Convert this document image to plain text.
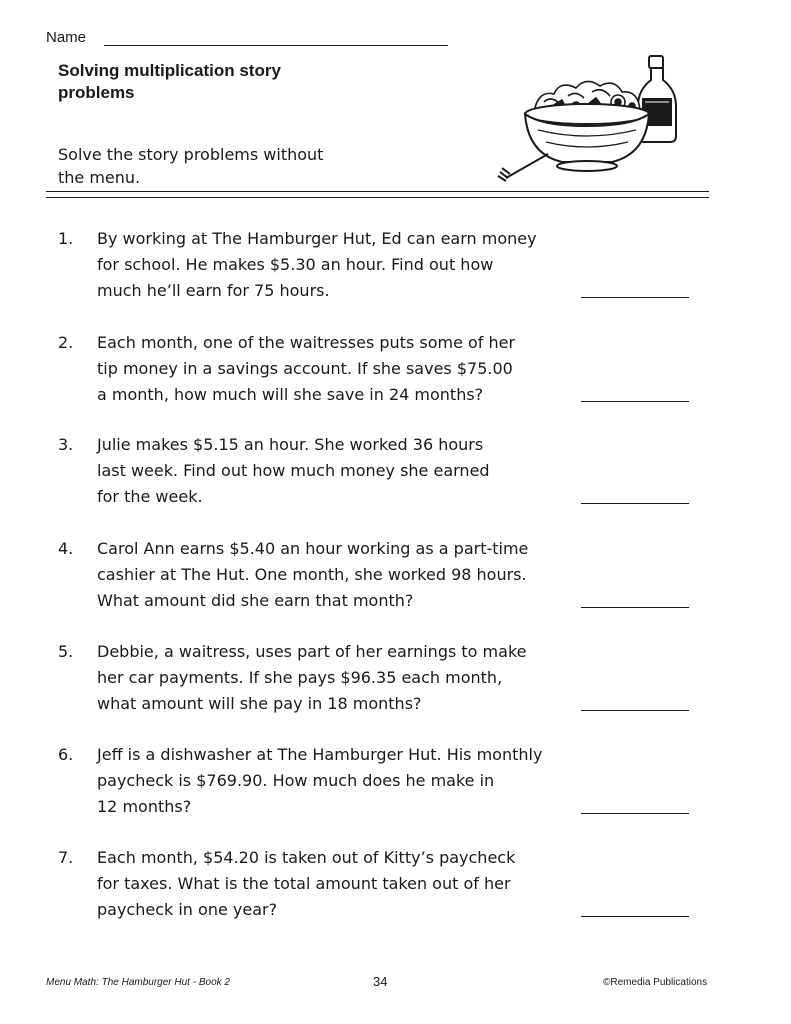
Name
Solving multiplication story
problems
Solve the story problems without
the menu.
1. By working at The Hamburger Hut, Ed can earn money
for school. He makes $5.30 an hour. Find out how
much he’ll earn for 75 hours.
2. Each month, one of the waitresses puts some of her
tip money in a savings account. If she saves $75.00
a month, how much will she save in 24 months?
3. Julie makes $5.15 an hour. She worked 36 hours
last week. Find out how much money she earned
for the week.
4. Carol Ann earns $5.40 an hour working as a part-time
cashier at The Hut. One month, she worked 98 hours.
What amount did she earn that month?
5. Debbie, a waitress, uses part of her earnings to make
her car payments. If she pays $96.35 each month,
what amount will she pay in 18 months?
6. Jeff is a dishwasher at The Hamburger Hut. His monthly
paycheck is $769.90. How much does he make in
12 months?
7. Each month, $54.20 is taken out of Kitty’s paycheck
for taxes. What is the total amount taken out of her
paycheck in one year?
Menu Math: The Hamburger Hut - Book 2	34	©Remedia Publications
